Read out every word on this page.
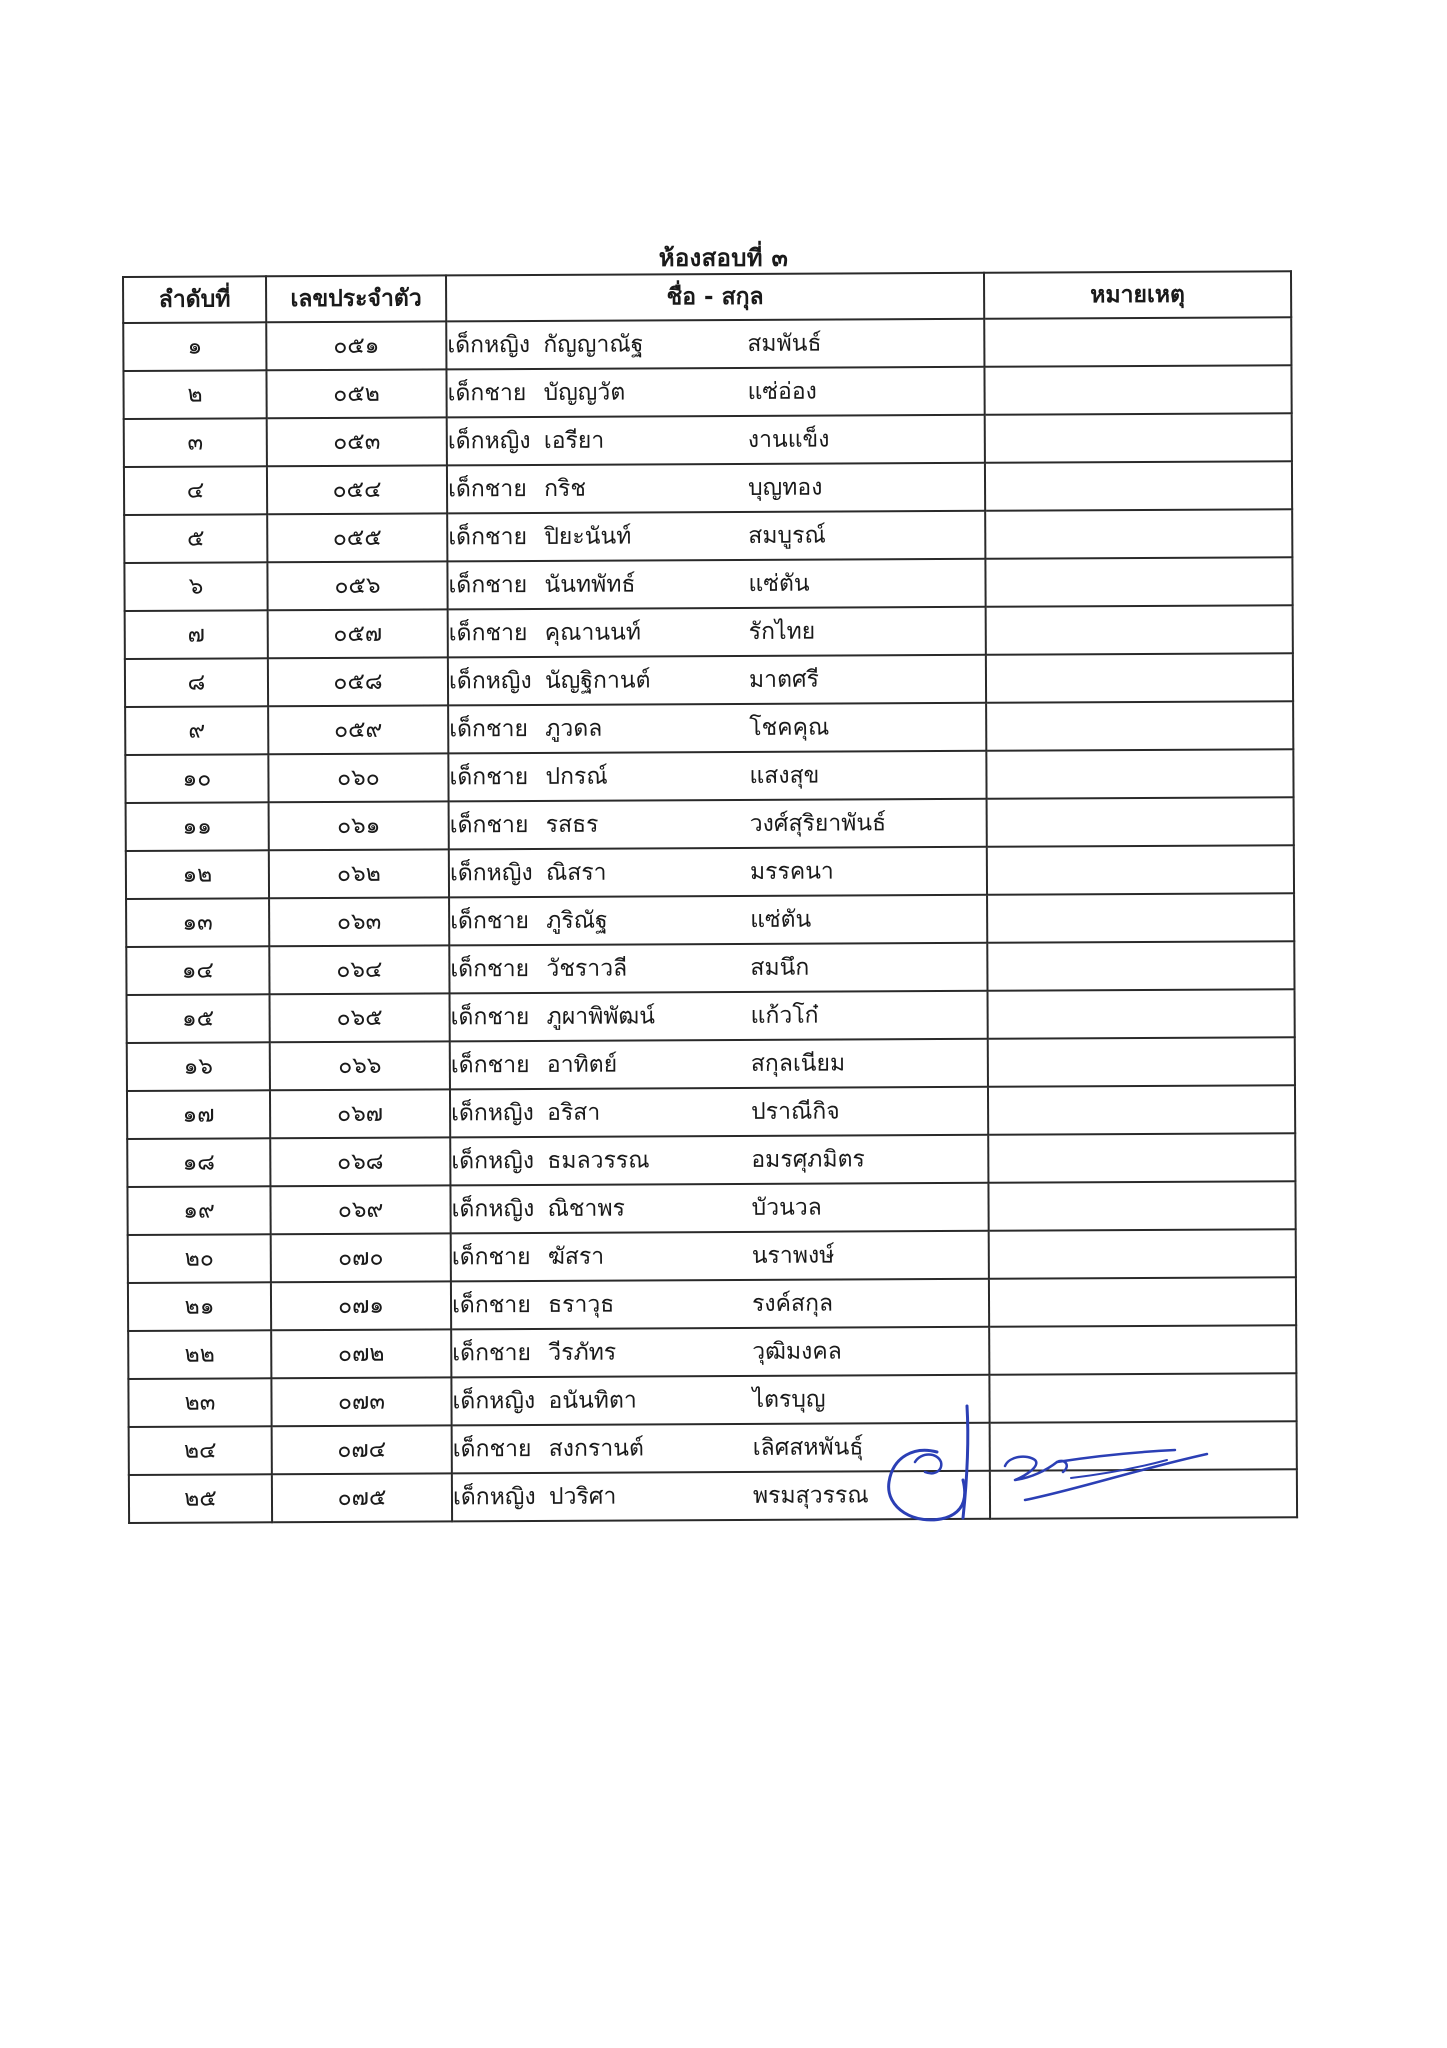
ห้องสอบที่ ๓
ลำดับที่	เลขประจำตัว	ชื่อ - สกุล	หมายเหตุ
๑	๐๕๑	เด็กหญิง กัญญาณัฐ สมพันธ์	
๒	๐๕๒	เด็กชาย บัญญวัต แซ่อ่อง	
๓	๐๕๓	เด็กหญิง เอรียา งานแข็ง	
๔	๐๕๔	เด็กชาย กริช บุญทอง	
๕	๐๕๕	เด็กชาย ปิยะนันท์ สมบูรณ์	
๖	๐๕๖	เด็กชาย นันทพัทธ์ แซ่ตัน	
๗	๐๕๗	เด็กชาย คุณานนท์ รักไทย	
๘	๐๕๘	เด็กหญิง นัญฐิกานต์ มาตศรี	
๙	๐๕๙	เด็กชาย ภูวดล โชคคุณ	
๑๐	๐๖๐	เด็กชาย ปกรณ์ แสงสุข	
๑๑	๐๖๑	เด็กชาย รสธร วงศ์สุริยาพันธ์	
๑๒	๐๖๒	เด็กหญิง ณิสรา มรรคนา	
๑๓	๐๖๓	เด็กชาย ภูริณัฐ แซ่ตัน	
๑๔	๐๖๔	เด็กชาย วัชราวลี สมนึก	
๑๕	๐๖๕	เด็กชาย ภูผาพิพัฒน์ แก้วโก๋	
๑๖	๐๖๖	เด็กชาย อาทิตย์ สกุลเนียม	
๑๗	๐๖๗	เด็กหญิง อริสา ปราณีกิจ	
๑๘	๐๖๘	เด็กหญิง ธมลวรรณ อมรศุภมิตร	
๑๙	๐๖๙	เด็กหญิง ณิชาพร บัวนวล	
๒๐	๐๗๐	เด็กชาย ฆัสรา นราพงษ์	
๒๑	๐๗๑	เด็กชาย ธราวุธ รงค์สกุล	
๒๒	๐๗๒	เด็กชาย วีรภัทร วุฒิมงคล	
๒๓	๐๗๓	เด็กหญิง อนันทิตา ไตรบุญ	
๒๔	๐๗๔	เด็กชาย สงกรานต์ เลิศสหพันธุ์	
๒๕	๐๗๕	เด็กหญิง ปวริศา พรมสุวรรณ	
